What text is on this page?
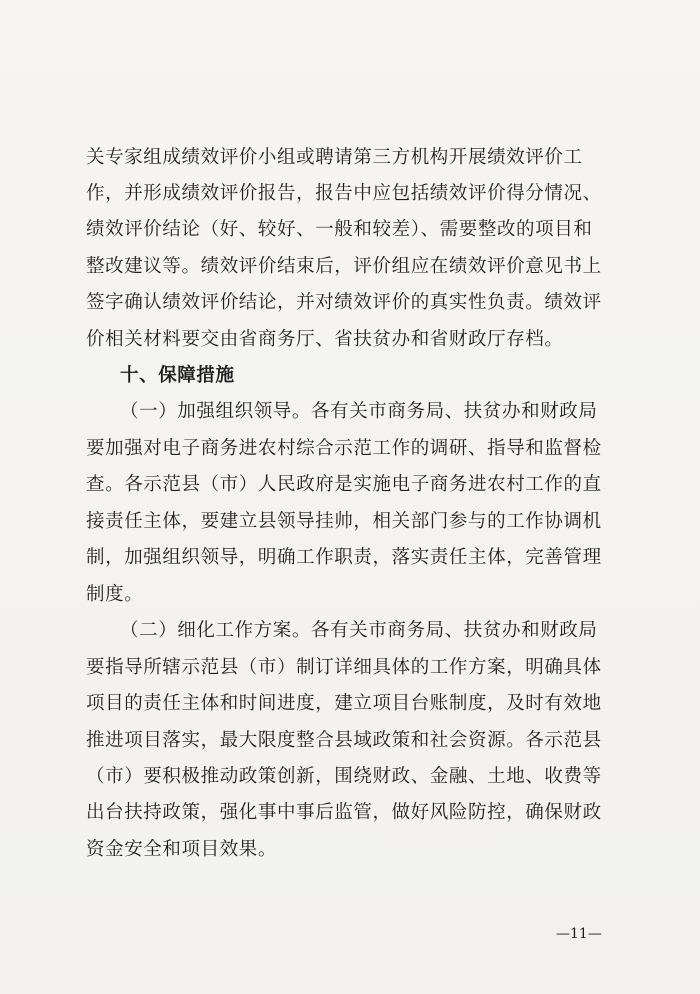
关专家组成绩效评价小组或聘请第三方机构开展绩效评价工
作，并形成绩效评价报告，报告中应包括绩效评价得分情况、
绩效评价结论（好、较好、一般和较差）、需要整改的项目和
整改建议等。绩效评价结束后，评价组应在绩效评价意见书上
签字确认绩效评价结论，并对绩效评价的真实性负责。绩效评
价相关材料要交由省商务厅、省扶贫办和省财政厅存档。
十、保障措施
（一）加强组织领导。各有关市商务局、扶贫办和财政局
要加强对电子商务进农村综合示范工作的调研、指导和监督检
查。各示范县（市）人民政府是实施电子商务进农村工作的直
接责任主体，要建立县领导挂帅，相关部门参与的工作协调机
制，加强组织领导，明确工作职责，落实责任主体，完善管理
制度。
（二）细化工作方案。各有关市商务局、扶贫办和财政局
要指导所辖示范县（市）制订详细具体的工作方案，明确具体
项目的责任主体和时间进度，建立项目台账制度，及时有效地
推进项目落实，最大限度整合县域政策和社会资源。各示范县
（市）要积极推动政策创新，围绕财政、金融、土地、收费等
出台扶持政策，强化事中事后监管，做好风险防控，确保财政
资金安全和项目效果。
—11—
